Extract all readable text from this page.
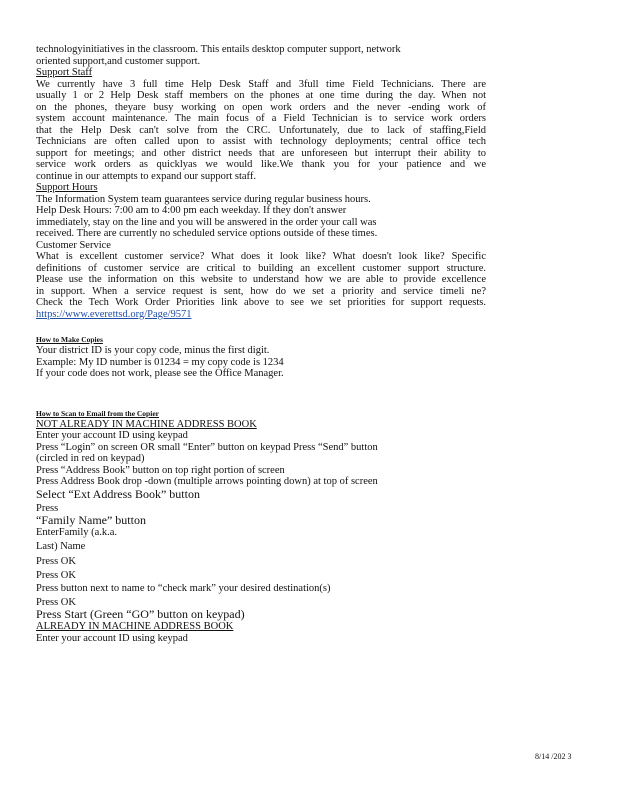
technologyinitiatives in the classroom. This entails desktop computer support, network
oriented support,and customer support.
Support Staff
We currently have 3 full time Help Desk Staff and 3full time Field Technicians. There are
usually 1 or 2 Help Desk staff members on the phones at one time during the day. When not
on the phones, theyare busy working on open work orders and the never -ending work of
system account maintenance. The main focus of a Field Technician is to service work orders
that the Help Desk can't solve from the CRC. Unfortunately, due to lack of staffing,Field
Technicians are often called upon to assist with technology deployments; central office tech
support for meetings; and other district needs that are unforeseen but interrupt their ability to
service work orders as quicklyas we would like.We thank you for your patience and we
continue in our attempts to expand our support staff.
Support Hours
The Information System team guarantees service during regular business hours.
Help Desk Hours: 7:00 am to 4:00 pm each weekday. If they don't answer
immediately, stay on the line and you will be answered in the order your call was
received. There are currently no scheduled service options outside of these times.
Customer Service
What is excellent customer service? What does it look like? What doesn't look like? Specific
definitions of customer service are critical to building an excellent customer support structure.
Please use the information on this website to understand how we are able to provide excellence
in support. When a service request is sent, how do we set a priority and service timeli ne?
Check the Tech Work Order Priorities link above to see we set priorities for support requests.
https://www.everettsd.org/Page/9571
How to Make Copies
Your district ID is your copy code, minus the first digit.
Example: My ID number is 01234 = my copy code is 1234
If your code does not work, please see the Office Manager.
How to Scan to Email from the Copier
NOT ALREADY IN MACHINE ADDRESS BOOK
Enter your account ID using keypad
Press “Login” on screen OR small “Enter” button on keypad Press “Send” button
(circled in red on keypad)
Press “Address Book” button on top right portion of screen
Press Address Book drop -down (multiple arrows pointing down) at top of screen
Select “Ext Address Book” button
Press
“Family Name” button
EnterFamily (a.k.a.
Last) Name
Press OK
Press OK
Press button next to name to “check mark” your desired destination(s)
Press OK
Press Start (Green “GO” button on keypad)
ALREADY IN MACHINE ADDRESS BOOK
Enter your account ID using keypad
8/14 /202 3
